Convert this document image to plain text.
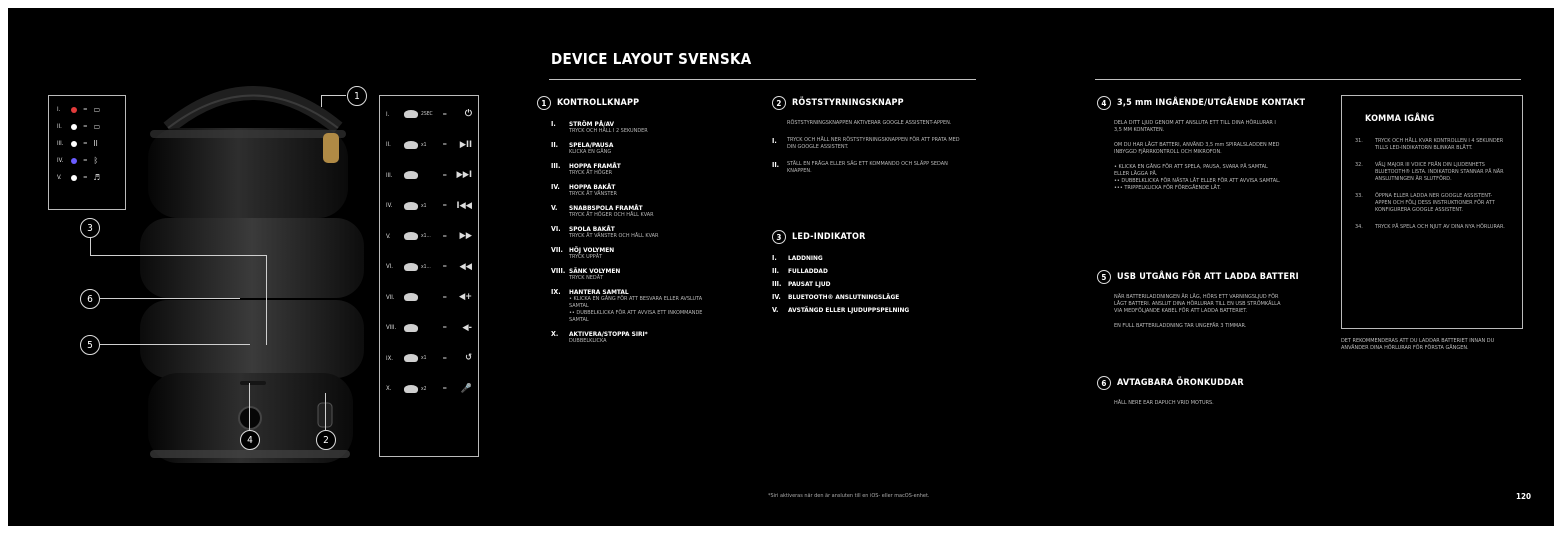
I.	= ▭
II.	= ▭
III.	= II
IV.	= ᛒ
V.	= ♬
I.	2SEC =	⏻
II.	x1	=	▶II
III.	=	▶▶I
IV.	x1	=	I◀◀
V.	x1... =	▶▶
VI.	x1... =	◀◀
VII.	=	◀+
VIII.	=	◀-
IX.	x1	=	↺
X.	x2	=	🎤
1
3
6
5
4	2
DEVICE LAYOUT SVENSKA
1	KONTROLLKNAPP
I.	STRÖM PÅ/AV
TRYCK OCH HÅLL I 2 SEKUNDER
II.	SPELA/PAUSA
KLICKA EN GÅNG
III.	HOPPA FRAMÅT
TRYCK ÅT HÖGER
IV.	HOPPA BAKÅT
TRYCK ÅT VÄNSTER
V.	SNABBSPOLA FRAMÅT
TRYCK ÅT HÖGER OCH HÅLL KVAR
VI.	SPOLA BAKÅT
TRYCK ÅT VÄNSTER OCH HÅLL KVAR
VII. HÖJ VOLYMEN
TRYCK UPPÅT
VIII. SÄNK VOLYMEN
TRYCK NEDÅT
IX.	HANTERA SAMTAL
• KLICKA EN GÅNG FÖR ATT BESVARA ELLER AVSLUTA SAMTAL
•• DUBBELKLICKA FÖR ATT AVVISA ETT INKOMMANDE SAMTAL
X.	AKTIVERA/STOPPA SIRI*
DUBBELKLICKA
2	RÖSTSTYRNINGSKNAPP

RÖSTSTYRNINGSKNAPPEN AKTIVERAR GOOGLE ASSISTENT-APPEN.

I.	TRYCK OCH HÅLL NER RÖSTSTYRNINGSKNAPPEN FÖR ATT PRATA MED DIN GOOGLE ASSISTENT.
II.	STÄLL EN FRÅGA ELLER SÄG ETT KOMMANDO OCH SLÄPP SEDAN KNAPPEN.
3	LED-INDIKATOR
I.	LADDNING
II.	FULLADDAD
III.	PAUSAT LJUD
IV.	BLUETOOTH® ANSLUTNINGSLÄGE
V.	AVSTÄNGD ELLER LJUDUPPSPELNING
*Siri aktiveras när den är ansluten till en iOS- eller macOS-enhet.
4	3,5 mm INGÅENDE/UTGÅENDE KONTAKT

DELA DITT LJUD GENOM ATT ANSLUTA ETT TILL DINA HÖRLURAR I 3,5 MM KONTAKTEN.

OM DU HAR LÅGT BATTERI, ANVÄND 3,5 mm SPIRALSLADDEN MED INBYGGD FJÄRRKONTROLL OCH MIKROFON.

• KLICKA EN GÅNG FÖR ATT SPELA, PAUSA, SVARA PÅ SAMTAL ELLER LÄGGA PÅ.
•• DUBBELKLICKA FÖR NÄSTA LÅT ELLER FÖR ATT AVVISA SAMTAL.
••• TRIPPELKLICKA FÖR FÖREGÅENDE LÅT.

5	USB UTGÅNG FÖR ATT LADDA BATTERI

NÄR BATTERILADDNINGEN ÄR LÅG, HÖRS ETT VARNINGSLJUD FÖR LÅGT BATTERI. ANSLUT DINA HÖRLURAR TILL EN USB STRÖMKÄLLA VIA MEDFÖLJANDE KABEL FÖR ATT LADDA BATTERIET.

EN FULL BATTERILADDNING TAR UNGEFÄR 3 TIMMAR.

6	AVTAGBARA ÖRONKUDDAR

HÅLL NERE EAR DAPUCH VRID MOTURS.

KOMMA IGÅNG
31.	TRYCK OCH HÅLL KVAR KONTROLLEN I 4 SEKUNDER TILLS LED-INDIKATORN BLINKAR BLÅTT.
32.	VÄLJ MAJOR III VOICE FRÅN DIN LJUDENHETS BLUETOOTH® LISTA. INDIKATORN STANNAR PÅ NÄR ANSLUTNINGEN ÄR SLUTFÖRD.
33.	ÖPPNA ELLER LADDA NER GOOGLE ASSISTENT-APPEN OCH FÖLJ DESS INSTRUKTIONER FÖR ATT KONFIGURERA GOOGLE ASSISTENT.
34.	TRYCK PÅ SPELA OCH NJUT AV DINA NYA HÖRLURAR.
DET REKOMMENDERAS ATT DU LADDAR BATTERIET INNAN DU ANVÄNDER DINA HÖRLURAR FÖR FÖRSTA GÅNGEN.
120
